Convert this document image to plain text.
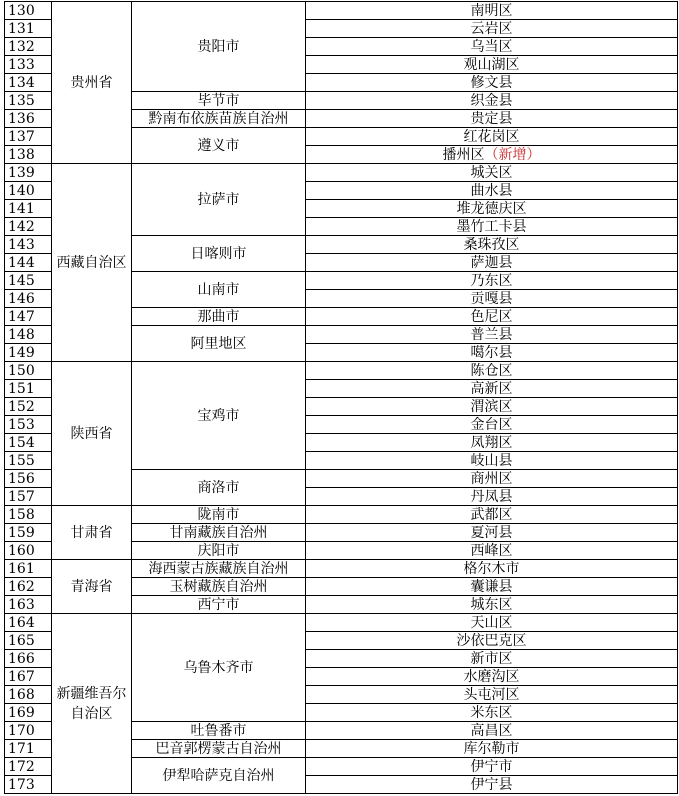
130	贵州省	贵阳市	南明区
131			云岩区
132			乌当区
133			观山湖区
134			修文县
135		毕节市	织金县
136		黔南布依族苗族自治州	贵定县
137		遵义市	红花岗区
138			播州区（新增）
139	西藏自治区	拉萨市	城关区
140			曲水县
141			堆龙德庆区
142			墨竹工卡县
143		日喀则市	桑珠孜区
144			萨迦县
145		山南市	乃东区
146			贡嘎县
147		那曲市	色尼区
148		阿里地区	普兰县
149			噶尔县
150	陕西省	宝鸡市	陈仓区
151			高新区
152			渭滨区
153			金台区
154			凤翔区
155			岐山县
156		商洛市	商州区
157			丹凤县
158	甘肃省	陇南市	武都区
159		甘南藏族自治州	夏河县
160		庆阳市	西峰区
161	青海省	海西蒙古族藏族自治州	格尔木市
162		玉树藏族自治州	囊谦县
163		西宁市	城东区
164	新疆维吾尔自治区	乌鲁木齐市	天山区
165			沙依巴克区
166			新市区
167			水磨沟区
168			头屯河区
169			米东区
170		吐鲁番市	高昌区
171		巴音郭楞蒙古自治州	库尔勒市
172		伊犁哈萨克自治州	伊宁市
173			伊宁县
